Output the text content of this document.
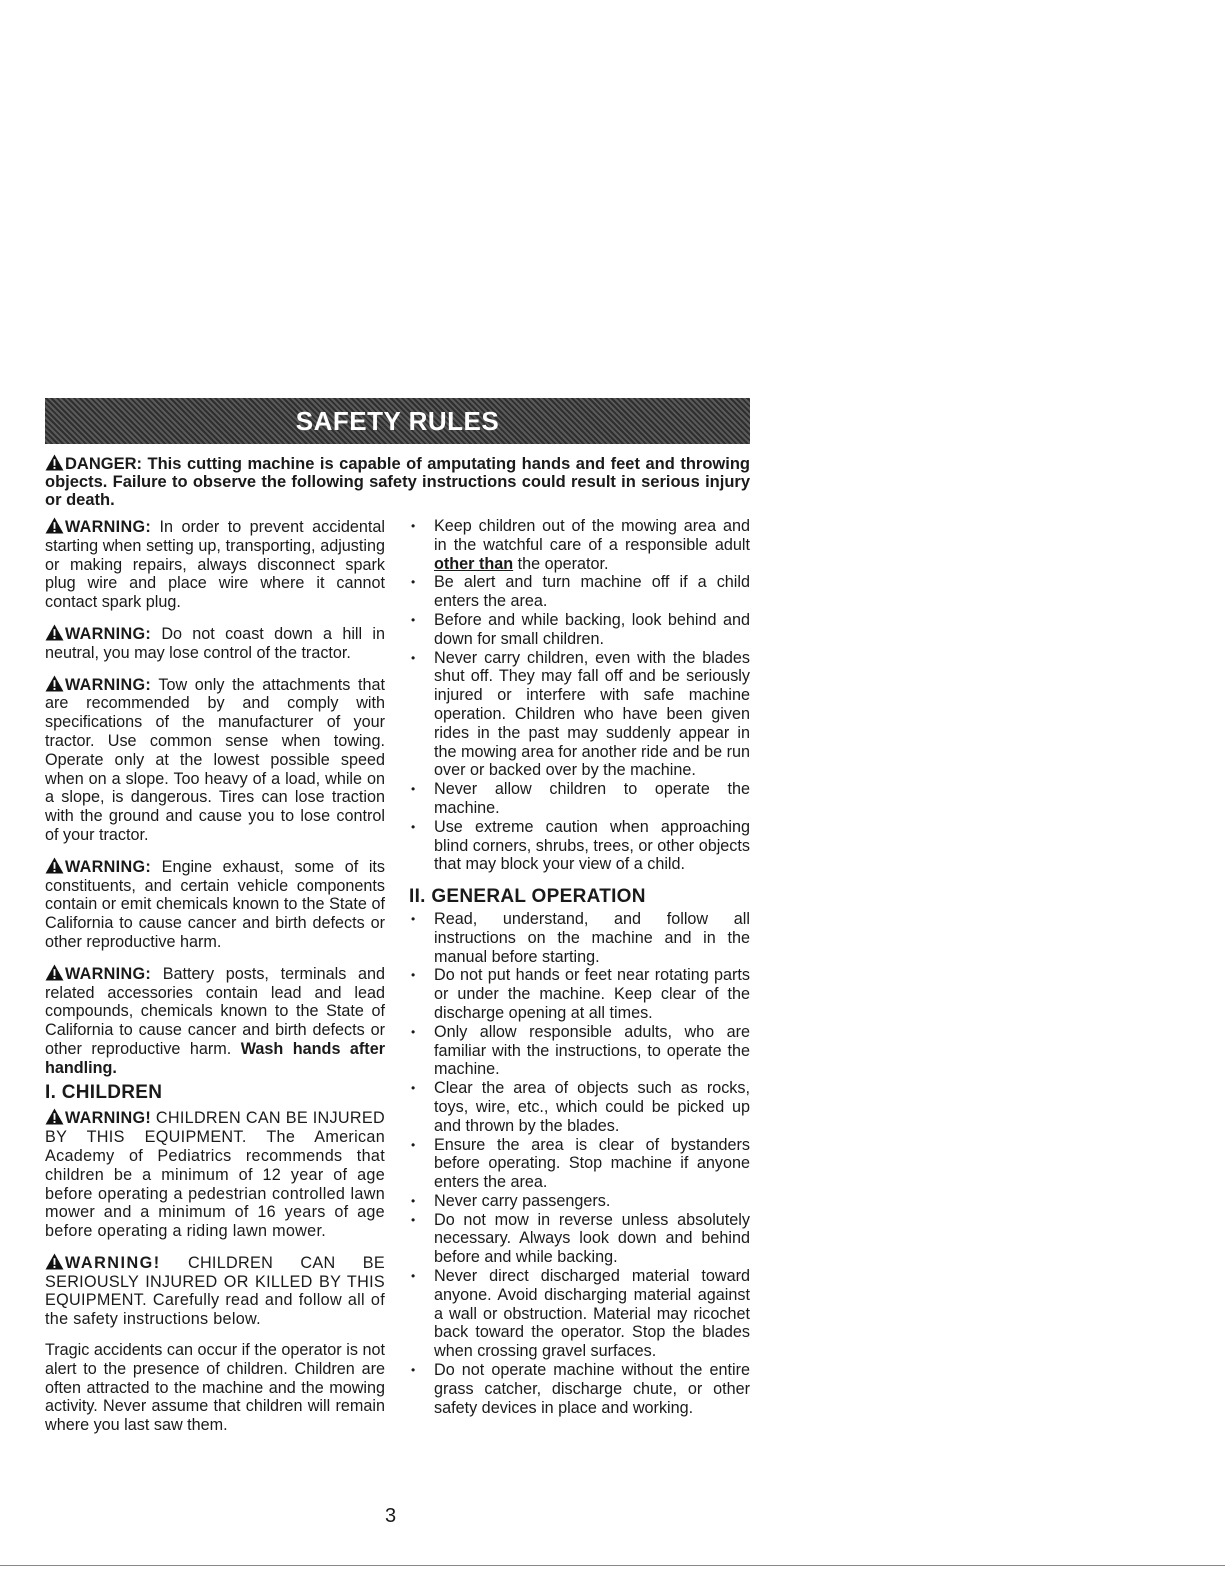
SAFETY RULES
DANGER: This cutting machine is capable of amputating hands and feet and throwing objects. Failure to observe the following safety instructions could result in serious injury or death.

WARNING: In order to prevent accidental starting when setting up, transporting, adjusting or making repairs, always disconnect spark plug wire and place wire where it cannot contact spark plug.

WARNING: Do not coast down a hill in neutral, you may lose control of the tractor.

WARNING: Tow only the attachments that are recommended by and comply with specifications of the manufacturer of your tractor. Use common sense when towing. Operate only at the lowest possible speed when on a slope. Too heavy of a load, while on a slope, is dangerous. Tires can lose traction with the ground and cause you to lose control of your tractor.

WARNING: Engine exhaust, some of its constituents, and certain vehicle components contain or emit chemicals known to the State of California to cause cancer and birth defects or other reproductive harm.

WARNING: Battery posts, terminals and related accessories contain lead and lead compounds, chemicals known to the State of California to cause cancer and birth defects or other reproductive harm. Wash hands after handling.

I. CHILDREN

WARNING! CHILDREN CAN BE INJURED BY THIS EQUIPMENT. The American Academy of Pediatrics recommends that children be a minimum of 12 year of age before operating a pedestrian controlled lawn mower and a minimum of 16 years of age before operating a riding lawn mower.

WARNING! CHILDREN CAN BE SERIOUSLY INJURED OR KILLED BY THIS EQUIPMENT. Carefully read and follow all of the safety instructions below.

Tragic accidents can occur if the operator is not alert to the presence of children. Children are often attracted to the machine and the mowing activity. Never assume that children will remain where you last saw them.

• Keep children out of the mowing area and in the watchful care of a responsible adult other than the operator.
• Be alert and turn machine off if a child enters the area.
• Before and while backing, look behind and down for small children.
• Never carry children, even with the blades shut off. They may fall off and be seriously injured or interfere with safe machine operation. Children who have been given rides in the past may suddenly appear in the mowing area for another ride and be run over or backed over by the machine.
• Never allow children to operate the machine.
• Use extreme caution when approaching blind corners, shrubs, trees, or other objects that may block your view of a child.
II. GENERAL OPERATION
• Read, understand, and follow all instructions on the machine and in the manual before starting.
• Do not put hands or feet near rotating parts or under the machine. Keep clear of the discharge opening at all times.
• Only allow responsible adults, who are familiar with the instructions, to operate the machine.
• Clear the area of objects such as rocks, toys, wire, etc., which could be picked up and thrown by the blades.
• Ensure the area is clear of bystanders before operating. Stop machine if anyone enters the area.
• Never carry passengers.
• Do not mow in reverse unless absolutely necessary. Always look down and behind before and while backing.
• Never direct discharged material toward anyone. Avoid discharging material against a wall or obstruction. Material may ricochet back toward the operator. Stop the blades when crossing gravel surfaces.
• Do not operate machine without the entire grass catcher, discharge chute, or other safety devices in place and working.
3
